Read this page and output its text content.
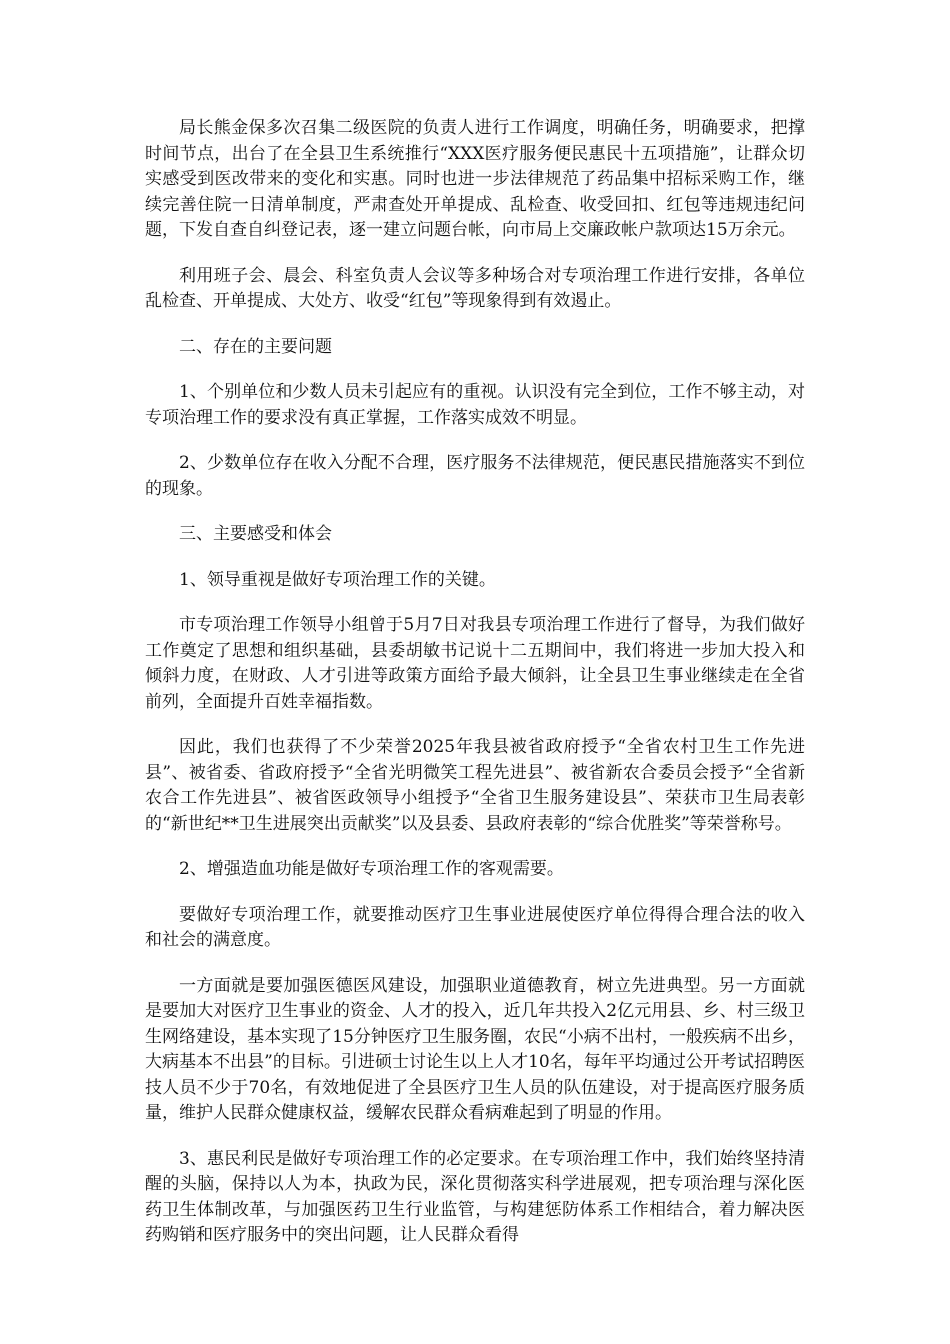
局长熊金保多次召集二级医院的负责人进行工作调度，明确任务，明确要求，把撑时间节点，出台了在全县卫生系统推行“XXX医疗服务便民惠民十五项措施”，让群众切实感受到医改带来的变化和实惠。同时也进一步法律规范了药品集中招标采购工作，继续完善住院一日清单制度，严肃查处开单提成、乱检查、收受回扣、红包等违规违纪问题，下发自查自纠登记表，逐一建立问题台帐，向市局上交廉政帐户款项达15万余元。

利用班子会、晨会、科室负责人会议等多种场合对专项治理工作进行安排，各单位乱检查、开单提成、大处方、收受“红包”等现象得到有效遏止。

二、存在的主要问题

1、个别单位和少数人员未引起应有的重视。认识没有完全到位，工作不够主动，对专项治理工作的要求没有真正掌握，工作落实成效不明显。

2、少数单位存在收入分配不合理，医疗服务不法律规范，便民惠民措施落实不到位的现象。

三、主要感受和体会

1、领导重视是做好专项治理工作的关键。

市专项治理工作领导小组曾于5月7日对我县专项治理工作进行了督导，为我们做好工作奠定了思想和组织基础，县委胡敏书记说十二五期间中，我们将进一步加大投入和倾斜力度，在财政、人才引进等政策方面给予最大倾斜，让全县卫生事业继续走在全省前列，全面提升百姓幸福指数。

因此，我们也获得了不少荣誉2025年我县被省政府授予“全省农村卫生工作先进县”、被省委、省政府授予“全省光明微笑工程先进县”、被省新农合委员会授予“全省新农合工作先进县”、被省医政领导小组授予“全省卫生服务建设县”、荣获市卫生局表彰的“新世纪**卫生进展突出贡献奖”以及县委、县政府表彰的“综合优胜奖”等荣誉称号。

2、增强造血功能是做好专项治理工作的客观需要。

要做好专项治理工作，就要推动医疗卫生事业进展使医疗单位得得合理合法的收入和社会的满意度。

一方面就是要加强医德医风建设，加强职业道德教育，树立先进典型。另一方面就是要加大对医疗卫生事业的资金、人才的投入，近几年共投入2亿元用县、乡、村三级卫生网络建设，基本实现了15分钟医疗卫生服务圈，农民“小病不出村，一般疾病不出乡，大病基本不出县”的目标。引进硕士讨论生以上人才10名，每年平均通过公开考试招聘医技人员不少于70名，有效地促进了全县医疗卫生人员的队伍建设，对于提高医疗服务质量，维护人民群众健康权益，缓解农民群众看病难起到了明显的作用。

3、惠民利民是做好专项治理工作的必定要求。在专项治理工作中，我们始终坚持清醒的头脑，保持以人为本，执政为民，深化贯彻落实科学进展观，把专项治理与深化医药卫生体制改革，与加强医药卫生行业监管，与构建惩防体系工作相结合，着力解决医药购销和医疗服务中的突出问题，让人民群众看得
